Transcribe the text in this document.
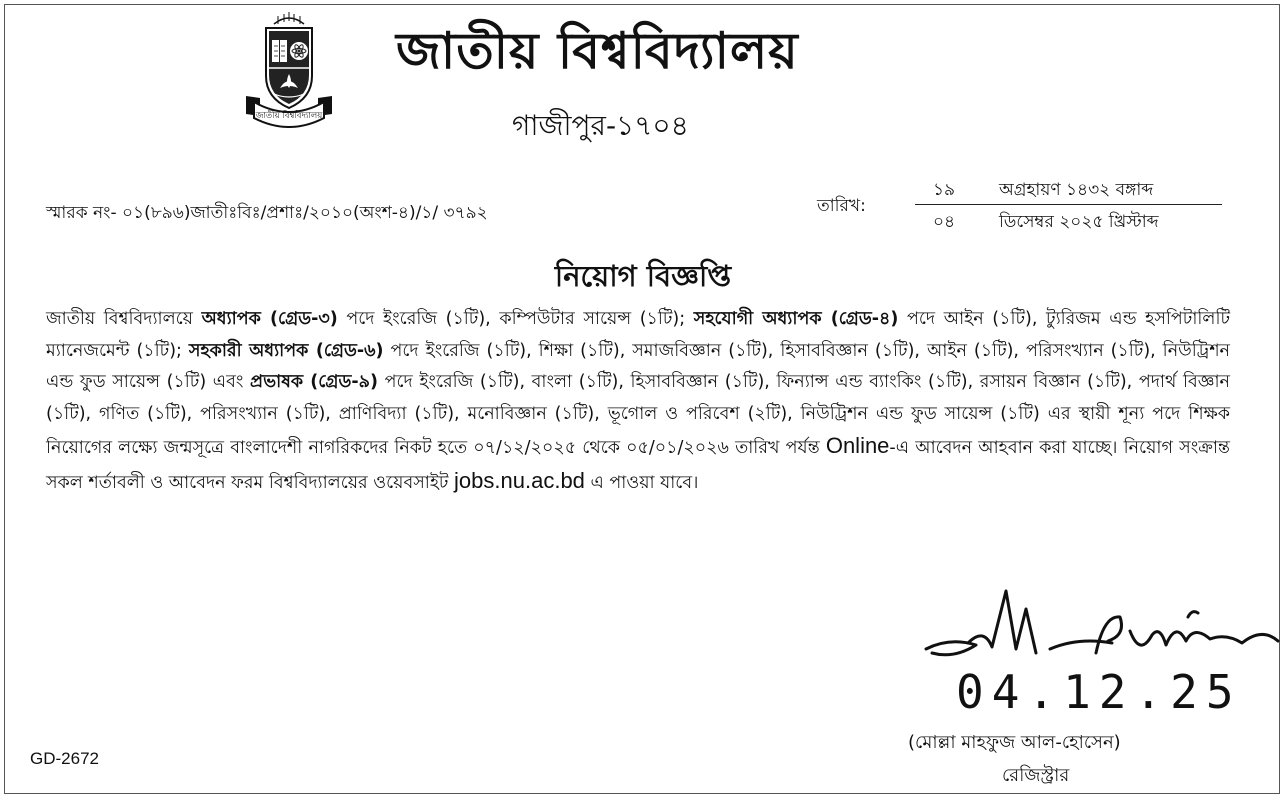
জাতীয় বিশ্ববিদ্যালয়
জাতীয় বিশ্ববিদ্যালয়
গাজীপুর-১৭০৪
স্মারক নং- ০১(৮৯৬)জাতীঃবিঃ/প্রশাঃ/২০১০(অংশ-৪)/১/ ৩৭৯২	তারিখ:
১৯	অগ্রহায়ণ ১৪৩২ বঙ্গাব্দ
০৪	ডিসেম্বর ২০২৫ খ্রিস্টাব্দ
নিয়োগ বিজ্ঞপ্তি
জাতীয় বিশ্ববিদ্যালয়ে অধ্যাপক (গ্রেড-৩) পদে ইংরেজি (১টি), কম্পিউটার সায়েন্স (১টি); সহযোগী অধ্যাপক (গ্রেড-৪) পদে আইন (১টি), ট্যুরিজম এন্ড হসপিটালিটি ম্যানেজমেন্ট (১টি); সহকারী অধ্যাপক (গ্রেড-৬) পদে ইংরেজি (১টি), শিক্ষা (১টি), সমাজবিজ্ঞান (১টি), হিসাববিজ্ঞান (১টি), আইন (১টি), পরিসংখ্যান (১টি), নিউট্রিশন এন্ড ফুড সায়েন্স (১টি) এবং প্রভাষক (গ্রেড-৯) পদে ইংরেজি (১টি), বাংলা (১টি), হিসাববিজ্ঞান (১টি), ফিন্যান্স এন্ড ব্যাংকিং (১টি), রসায়ন বিজ্ঞান (১টি), পদার্থ বিজ্ঞান (১টি), গণিত (১টি), পরিসংখ্যান (১টি), প্রাণিবিদ্যা (১টি), মনোবিজ্ঞান (১টি), ভূগোল ও পরিবেশ (২টি), নিউট্রিশন এন্ড ফুড সায়েন্স (১টি) এর স্থায়ী শূন্য পদে শিক্ষক নিয়োগের লক্ষ্যে জন্মসূত্রে বাংলাদেশী নাগরিকদের নিকট হতে ০৭/১২/২০২৫ থেকে ০৫/০১/২০২৬ তারিখ পর্যন্ত Online-এ আবেদন আহবান করা যাচ্ছে। নিয়োগ সংক্রান্ত সকল শর্তাবলী ও আবেদন ফরম বিশ্ববিদ্যালয়ের ওয়েবসাইট jobs.nu.ac.bd এ পাওয়া যাবে।
04.12.25
(মোল্লা মাহফুজ আল-হোসেন)
রেজিস্ট্রার
GD-2672
